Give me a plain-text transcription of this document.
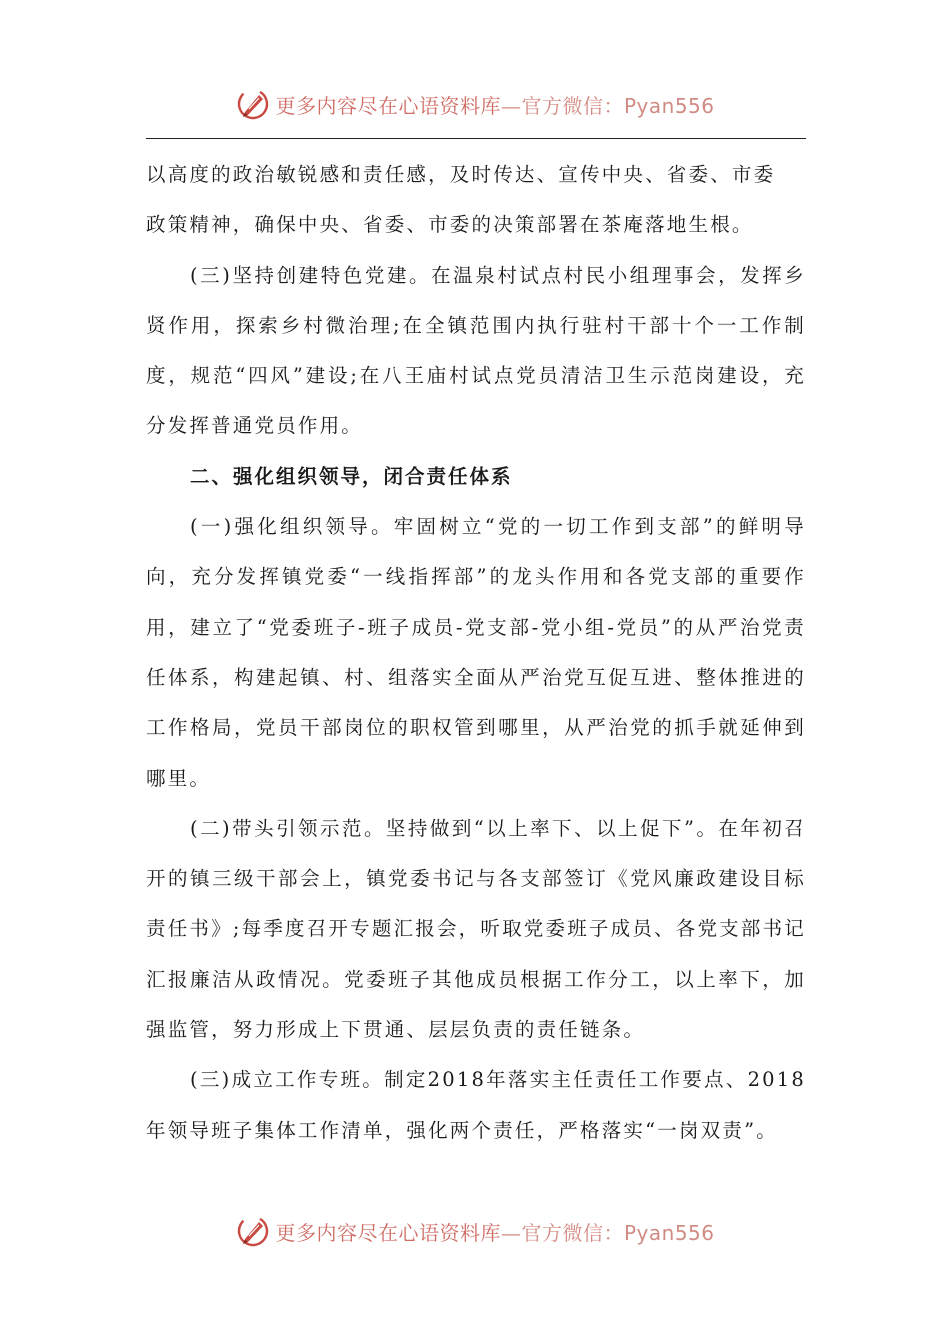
更多内容尽在心语资料库—官方微信：Pyan556

以高度的政治敏锐感和责任感，及时传达、宣传中央、省委、市委

政策精神，确保中央、省委、市委的决策部署在茶庵落地生根。

(三)坚持创建特色党建。在温泉村试点村民小组理事会，发挥乡贤作用，探索乡村微治理;在全镇范围内执行驻村干部十个一工作制度，规范“四风”建设;在八王庙村试点党员清洁卫生示范岗建设，充分发挥普通党员作用。

二、强化组织领导，闭合责任体系

(一)强化组织领导。牢固树立“党的一切工作到支部”的鲜明导向，充分发挥镇党委“一线指挥部”的龙头作用和各党支部的重要作用，建立了“党委班子-班子成员-党支部-党小组-党员”的从严治党责任体系，构建起镇、村、组落实全面从严治党互促互进、整体推进的工作格局，党员干部岗位的职权管到哪里，从严治党的抓手就延伸到哪里。

(二)带头引领示范。坚持做到“以上率下、以上促下”。在年初召开的镇三级干部会上，镇党委书记与各支部签订《党风廉政建设目标责任书》;每季度召开专题汇报会，听取党委班子成员、各党支部书记汇报廉洁从政情况。党委班子其他成员根据工作分工，以上率下，加强监管，努力形成上下贯通、层层负责的责任链条。

(三)成立工作专班。制定2018年落实主任责任工作要点、2018年领导班子集体工作清单，强化两个责任，严格落实“一岗双责”。

更多内容尽在心语资料库—官方微信：Pyan556
